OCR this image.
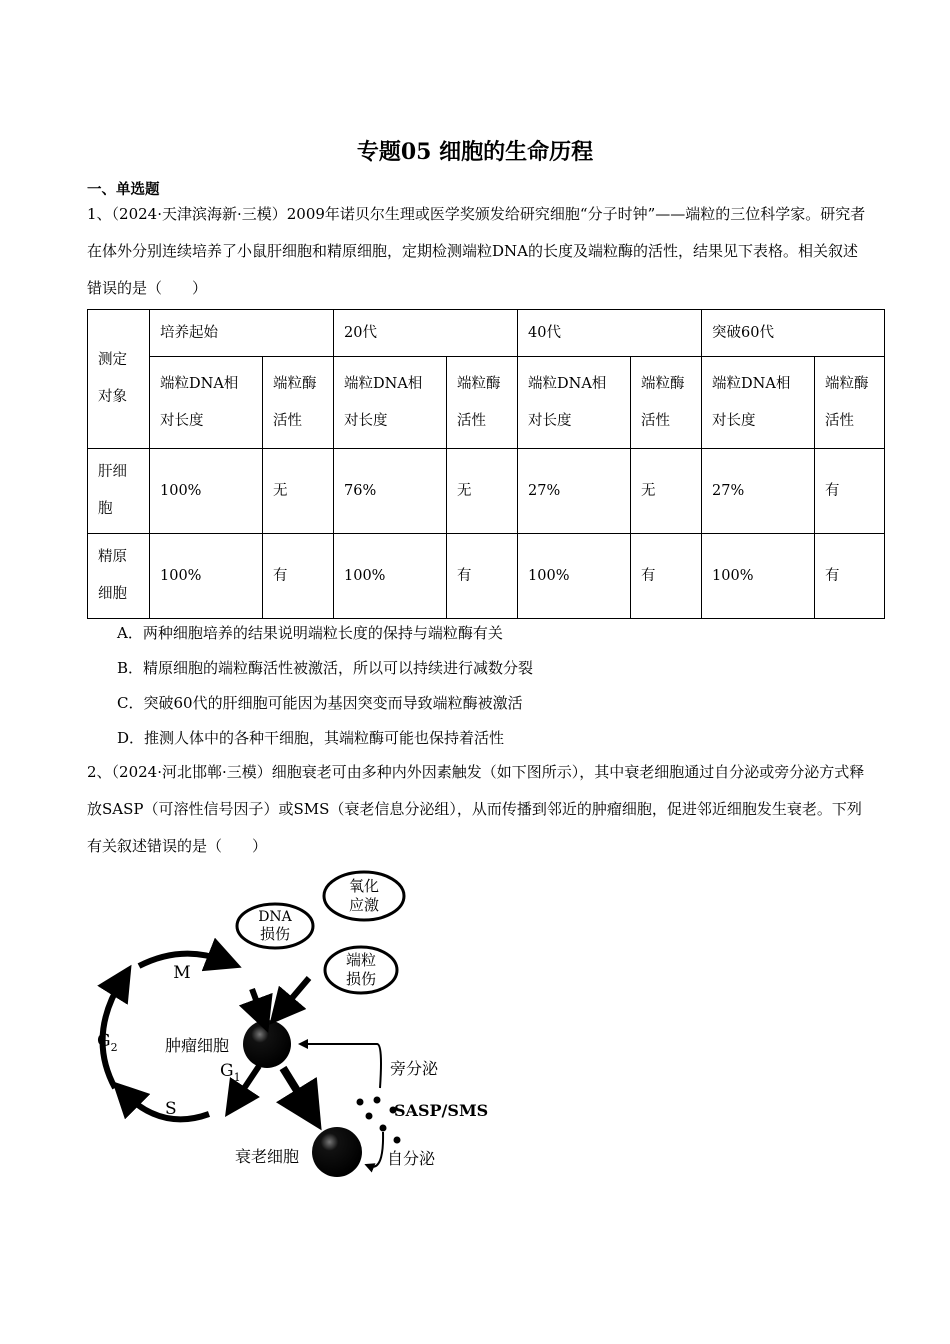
专题05 细胞的生命历程
一、单选题
1、（2024·天津滨海新·三模）2009年诺贝尔生理或医学奖颁发给研究细胞“分子时钟”——端粒的三位科学家。研究者在体外分别连续培养了小鼠肝细胞和精原细胞，定期检测端粒DNA的长度及端粒酶的活性，结果见下表格。相关叙述错误的是（　　）
测定对象	培养起始		20代		40代		突破60代	
	端粒DNA相对长度	端粒酶活性	端粒DNA相对长度	端粒酶活性	端粒DNA相对长度	端粒酶活性	端粒DNA相对长度	端粒酶活性
肝细胞	100%	无	76%	无	27%	无	27%	有
精原细胞	100%	有	100%	有	100%	有	100%	有
A．两种细胞培养的结果说明端粒长度的保持与端粒酶有关
B．精原细胞的端粒酶活性被激活，所以可以持续进行减数分裂
C．突破60代的肝细胞可能因为基因突变而导致端粒酶被激活
D．推测人体中的各种干细胞，其端粒酶可能也保持着活性
2、（2024·河北邯郸·三模）细胞衰老可由多种内外因素触发（如下图所示），其中衰老细胞通过自分泌或旁分泌方式释放SASP（可溶性信号因子）或SMS（衰老信息分泌组），从而传播到邻近的肿瘤细胞，促进邻近细胞发生衰老。下列有关叙述错误的是（　　）
氧化
应激
DNA
损伤
端粒
损伤
M
$G_2$
S
$G_1$
肿瘤细胞
衰老细胞
旁分泌
SASP/SMS
自分泌
